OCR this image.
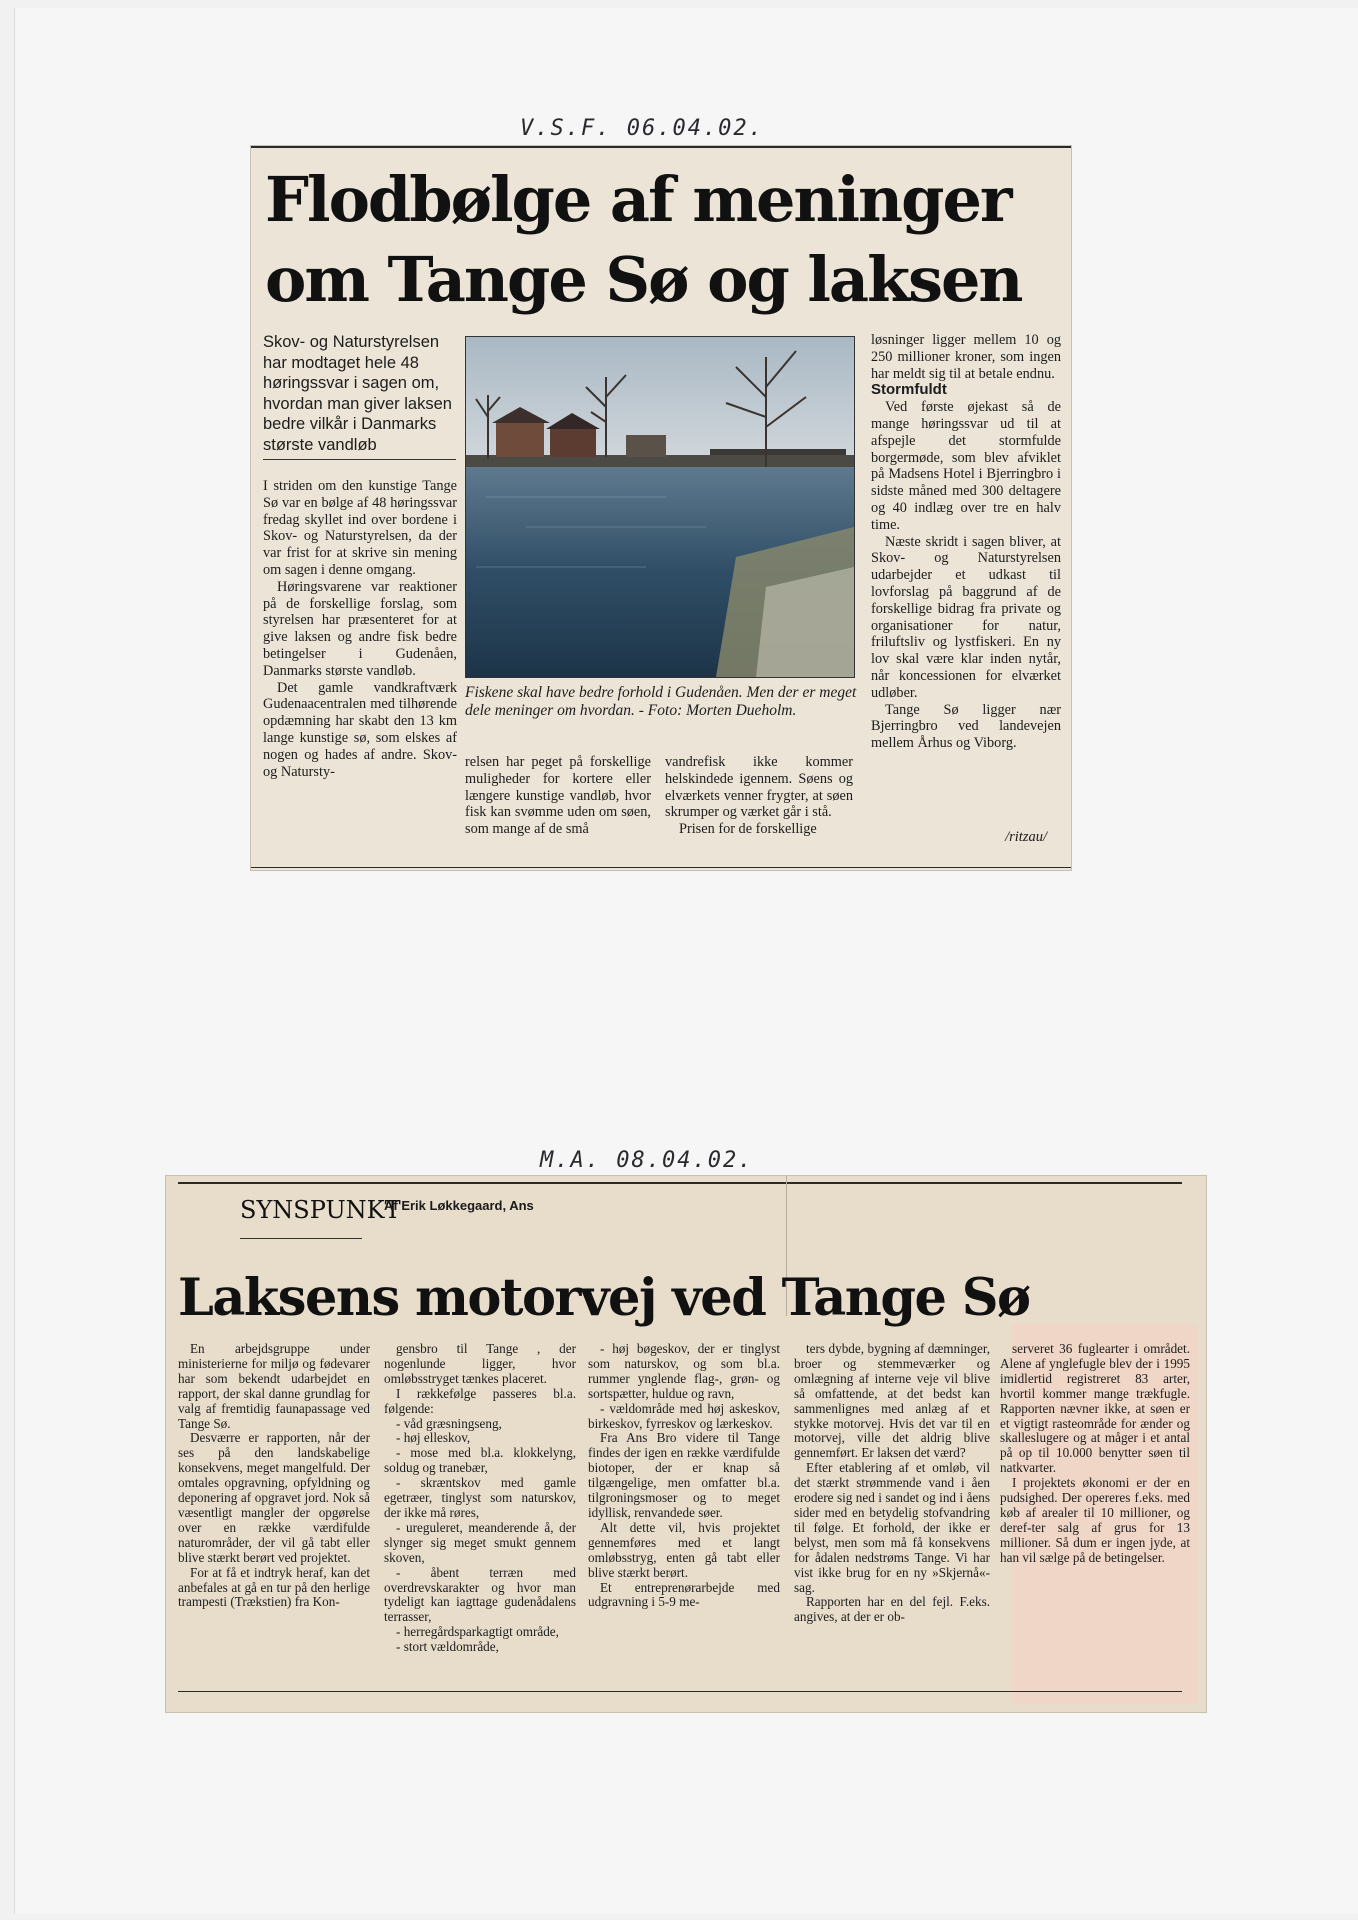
V.S.F. 06.04.02.
Flodbølge af meninger
om Tange Sø og laksen
Skov- og Naturstyrelsen har modtaget hele 48 høringssvar i sagen om, hvordan man giver laksen bedre vilkår i Danmarks største vandløb

I striden om den kunstige Tange Sø var en bølge af 48 høringssvar fredag skyllet ind over bordene i Skov- og Naturstyrelsen, da der var frist for at skrive sin mening om sagen i denne omgang.

Høringsvarene var reaktioner på de forskellige forslag, som styrelsen har præsenteret for at give laksen og andre fisk bedre betingelser i Gudenåen, Danmarks største vandløb.

Det gamle vandkraftværk Gudenaacentralen med tilhørende opdæmning har skabt den 13 km lange kunstige sø, som elskes af nogen og hades af andre. Skov- og Natursty-

Fiskene skal have bedre forhold i Gudenåen. Men der er meget dele meninger om hvordan. - Foto: Morten Dueholm.

relsen har peget på forskellige muligheder for kortere eller længere kunstige vandløb, hvor fisk kan svømme uden om søen, som mange af de små

vandrefisk ikke kommer helskindede igennem. Søens og elværkets venner frygter, at søen skrumper og værket går i stå.

Prisen for de forskellige

løsninger ligger mellem 10 og 250 millioner kroner, som ingen har meldt sig til at betale endnu.

Stormfuldt

Ved første øjekast så de mange høringssvar ud til at afspejle det stormfulde borgermøde, som blev afviklet på Madsens Hotel i Bjerringbro i sidste måned med 300 deltagere og 40 indlæg over tre en halv time.

Næste skridt i sagen bliver, at Skov- og Naturstyrelsen udarbejder et udkast til lovforslag på baggrund af de forskellige bidrag fra private og organisationer for natur, friluftsliv og lystfiskeri. En ny lov skal være klar inden nytår, når koncessionen for elværket udløber.

Tange Sø ligger nær Bjerringbro ved landevejen mellem Århus og Viborg.

/ritzau/
M.A. 08.04.02.
SYNSPUNKT
Af Erik Løkkegaard, Ans
Laksens motorvej ved Tange Sø

En arbejdsgruppe under ministerierne for miljø og fødevarer har som bekendt udarbejdet en rapport, der skal danne grundlag for valg af fremtidig faunapassage ved Tange Sø.

Desværre er rapporten, når der ses på den landskabelige konsekvens, meget mangelfuld. Der omtales opgravning, opfyldning og deponering af opgravet jord. Nok så væsentligt mangler der opgørelse over en række værdifulde naturområder, der vil gå tabt eller blive stærkt berørt ved projektet.

For at få et indtryk heraf, kan det anbefales at gå en tur på den herlige trampesti (Trækstien) fra Kon-

gensbro til Tange , der nogenlunde ligger, hvor omløbsstryget tænkes placeret.

I rækkefølge passeres bl.a. følgende:

- våd græsningseng,

- høj elleskov,

- mose med bl.a. klokkelyng, soldug og tranebær,

- skræntskov med gamle egetræer, tinglyst som naturskov, der ikke må røres,

- ureguleret, meanderende å, der slynger sig meget smukt gennem skoven,

- åbent terræn med overdrevskarakter og hvor man tydeligt kan iagttage gudenådalens terrasser,

- herregårdsparkagtigt område,

- stort vældområde,

- høj bøgeskov, der er tinglyst som naturskov, og som bl.a. rummer ynglende flag-, grøn- og sortspætter, huldue og ravn,

- vældområde med høj askeskov, birkeskov, fyrreskov og lærkeskov.

Fra Ans Bro videre til Tange findes der igen en række værdifulde biotoper, der er knap så tilgængelige, men omfatter bl.a. tilgroningsmoser og to meget idyllisk, renvandede søer.

Alt dette vil, hvis projektet gennemføres med et langt omløbsstryg, enten gå tabt eller blive stærkt berørt.

Et entreprenørarbejde med udgravning i 5-9 me-

ters dybde, bygning af dæmninger, broer og stemmeværker og omlægning af interne veje vil blive så omfattende, at det bedst kan sammenlignes med anlæg af et stykke motorvej. Hvis det var til en motorvej, ville det aldrig blive gennemført. Er laksen det værd?

Efter etablering af et omløb, vil det stærkt strømmende vand i åen erodere sig ned i sandet og ind i åens sider med en betydelig stofvandring til følge. Et forhold, der ikke er belyst, men som må få konsekvens for ådalen nedstrøms Tange. Vi har vist ikke brug for en ny »Skjernå«-sag.

Rapporten har en del fejl. F.eks. angives, at der er ob-

serveret 36 fuglearter i området. Alene af ynglefugle blev der i 1995 imidlertid registreret 83 arter, hvortil kommer mange trækfugle. Rapporten nævner ikke, at søen er et vigtigt rasteområde for ænder og skalleslugere og at måger i et antal på op til 10.000 benytter søen til natkvarter.

I projektets økonomi er der en pudsighed. Der opereres f.eks. med køb af arealer til 10 millioner, og deref-ter salg af grus for 13 millioner. Så dum er ingen jyde, at han vil sælge på de betingelser.
